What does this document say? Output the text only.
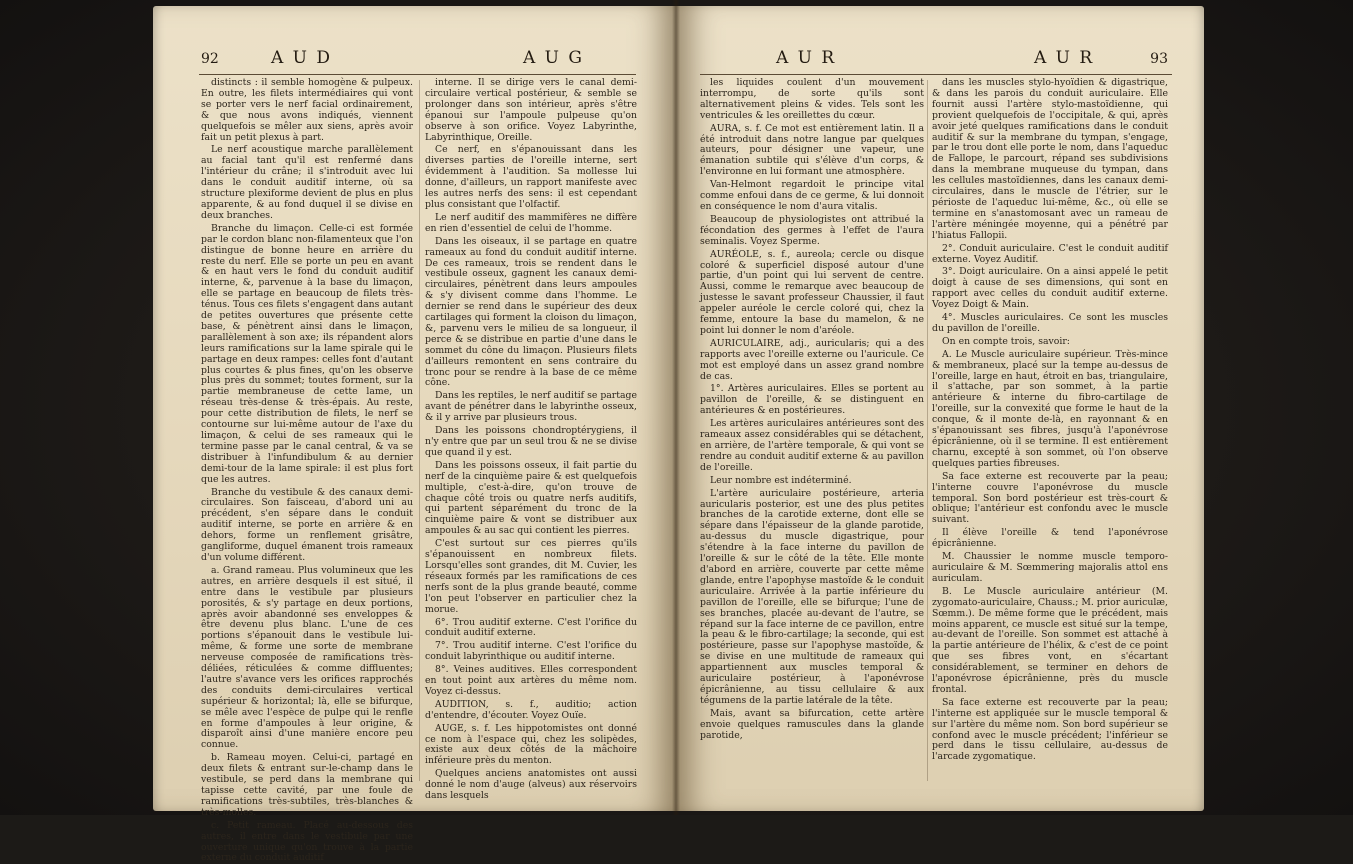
92	A U D	A U G

distincts : il semble homogène & pulpeux. En outre, les filets intermédiaires qui vont se porter vers le nerf facial ordinairement, & que nous avons indiqués, viennent quelquefois se mêler aux siens, après avoir fait un petit plexus à part.

Le nerf acoustique marche parallèlement au facial tant qu'il est renfermé dans l'intérieur du crâne; il s'introduit avec lui dans le conduit auditif interne, où sa structure plexiforme devient de plus en plus apparente, & au fond duquel il se divise en deux branches.

Branche du limaçon. Celle-ci est formée par le cordon blanc non-filamenteux que l'on distingue de bonne heure en arrière du reste du nerf. Elle se porte un peu en avant & en haut vers le fond du conduit auditif interne, &, parvenue à la base du limaçon, elle se partage en beaucoup de filets très-ténus. Tous ces filets s'engagent dans autant de petites ouvertures que présente cette base, & pénètrent ainsi dans le limaçon, parallèlement à son axe; ils répandent alors leurs ramifications sur la lame spirale qui le partage en deux rampes: celles font d'autant plus courtes & plus fines, qu'on les observe plus près du sommet; toutes forment, sur la partie membraneuse de cette lame, un réseau très-dense & très-épais. Au reste, pour cette distribution de filets, le nerf se contourne sur lui-même autour de l'axe du limaçon, & celui de ses rameaux qui le termine passe par le canal central, & va se distribuer à l'infundibulum & au dernier demi-tour de la lame spirale: il est plus fort que les autres.

Branche du vestibule & des canaux demi-circulaires. Son faisceau, d'abord uni au précédent, s'en sépare dans le conduit auditif interne, se porte en arrière & en dehors, forme un renflement grisâtre, gangliforme, duquel émanent trois rameaux d'un volume différent.

a. Grand rameau. Plus volumineux que les autres, en arrière desquels il est situé, il entre dans le vestibule par plusieurs porosités, & s'y partage en deux portions, après avoir abandonné ses enveloppes & être devenu plus blanc. L'une de ces portions s'épanouit dans le vestibule lui-même, & forme une sorte de membrane nerveuse composée de ramifications très-déliées, réticulées & comme diffluentes; l'autre s'avance vers les orifices rapprochés des conduits demi-circulaires vertical supérieur & horizontal; là, elle se bifurque, se mêle avec l'espèce de pulpe qui le renfle en forme d'ampoules à leur origine, & disparoît ainsi d'une manière encore peu connue.

b. Rameau moyen. Celui-ci, partagé en deux filets & entrant sur-le-champ dans le vestibule, se perd dans la membrane qui tapisse cette cavité, par une foule de ramifications très-subtiles, très-blanches & très-molles.

c. Petit rameau. Placé au-dessous des autres, il entre dans le vestibule par une ouverture unique qu'on trouve à la partie externe du conduit auditif

interne. Il se dirige vers le canal demi-circulaire vertical postérieur, & semble se prolonger dans son intérieur, après s'être épanoui sur l'ampoule pulpeuse qu'on observe à son orifice. Voyez Labyrinthe, Labyrinthique, Oreille.

Ce nerf, en s'épanouissant dans les diverses parties de l'oreille interne, sert évidemment à l'audition. Sa mollesse lui donne, d'ailleurs, un rapport manifeste avec les autres nerfs des sens: il est cependant plus consistant que l'olfactif.

Le nerf auditif des mammifères ne diffère en rien d'essentiel de celui de l'homme.

Dans les oiseaux, il se partage en quatre rameaux au fond du conduit auditif interne. De ces rameaux, trois se rendent dans le vestibule osseux, gagnent les canaux demi-circulaires, pénètrent dans leurs ampoules & s'y divisent comme dans l'homme. Le dernier se rend dans le supérieur des deux cartilages qui forment la cloison du limaçon, &, parvenu vers le milieu de sa longueur, il perce & se distribue en partie d'une dans le sommet du cône du limaçon. Plusieurs filets d'ailleurs remontent en sens contraire du tronc pour se rendre à la base de ce même cône.

Dans les reptiles, le nerf auditif se partage avant de pénétrer dans le labyrinthe osseux, & il y arrive par plusieurs trous.

Dans les poissons chondroptérygiens, il n'y entre que par un seul trou & ne se divise que quand il y est.

Dans les poissons osseux, il fait partie du nerf de la cinquième paire & est quelquefois multiple, c'est-à-dire, qu'on trouve de chaque côté trois ou quatre nerfs auditifs, qui partent séparément du tronc de la cinquième paire & vont se distribuer aux ampoules & au sac qui contient les pierres.

C'est surtout sur ces pierres qu'ils s'épanouissent en nombreux filets. Lorsqu'elles sont grandes, dit M. Cuvier, les réseaux formés par les ramifications de ces nerfs sont de la plus grande beauté, comme l'on peut l'observer en particulier chez la morue.

6°. Trou auditif externe. C'est l'orifice du conduit auditif externe.

7°. Trou auditif interne. C'est l'orifice du conduit labyrinthique ou auditif interne.

8°. Veines auditives. Elles correspondent en tout point aux artères du même nom. Voyez ci-dessus.

AUDITION, s. f., auditio; action d'entendre, d'écouter. Voyez Ouïe.

AUGE, s. f. Les hippotomistes ont donné ce nom à l'espace qui, chez les solipèdes, existe aux deux côtés de la mâchoire inférieure près du menton.

Quelques anciens anatomistes ont aussi donné le nom d'auge (alveus) aux réservoirs dans lesquels

A U R	A U R	93

les liquides coulent d'un mouvement interrompu, de sorte qu'ils sont alternativement pleins & vides. Tels sont les ventricules & les oreillettes du cœur.

AURA, s. f. Ce mot est entièrement latin. Il a été introduit dans notre langue par quelques auteurs, pour désigner une vapeur, une émanation subtile qui s'élève d'un corps, & l'environne en lui formant une atmosphère.

Van-Helmont regardoit le principe vital comme enfoui dans de ce germe, & lui donnoit en conséquence le nom d'aura vitalis.

Beaucoup de physiologistes ont attribué la fécondation des germes à l'effet de l'aura seminalis. Voyez Sperme.

AURÉOLE, s. f., aureola; cercle ou disque coloré & superficiel disposé autour d'une partie, d'un point qui lui servent de centre. Aussi, comme le remarque avec beaucoup de justesse le savant professeur Chaussier, il faut appeler auréole le cercle coloré qui, chez la femme, entoure la base du mamelon, & ne point lui donner le nom d'aréole.

AURICULAIRE, adj., auricularis; qui a des rapports avec l'oreille externe ou l'auricule. Ce mot est employé dans un assez grand nombre de cas.

1°. Artères auriculaires. Elles se portent au pavillon de l'oreille, & se distinguent en antérieures & en postérieures.

Les artères auriculaires antérieures sont des rameaux assez considérables qui se détachent, en arrière, de l'artère temporale, & qui vont se rendre au conduit auditif externe & au pavillon de l'oreille.

Leur nombre est indéterminé.

L'artère auriculaire postérieure, arteria auricularis posterior, est une des plus petites branches de la carotide externe, dont elle se sépare dans l'épaisseur de la glande parotide, au-dessus du muscle digastrique, pour s'étendre à la face interne du pavillon de l'oreille & sur le côté de la tête. Elle monte d'abord en arrière, couverte par cette même glande, entre l'apophyse mastoïde & le conduit auriculaire. Arrivée à la partie inférieure du pavillon de l'oreille, elle se bifurque; l'une de ses branches, placée au-devant de l'autre, se répand sur la face interne de ce pavillon, entre la peau & le fibro-cartilage; la seconde, qui est postérieure, passe sur l'apophyse mastoïde, & se divise en une multitude de rameaux qui appartiennent aux muscles temporal & auriculaire postérieur, à l'aponévrose épicrânienne, au tissu cellulaire & aux tégumens de la partie latérale de la tête.

Mais, avant sa bifurcation, cette artère envoie quelques ramuscules dans la glande parotide,

dans les muscles stylo-hyoïdien & digastrique, & dans les parois du conduit auriculaire. Elle fournit aussi l'artère stylo-mastoïdienne, qui provient quelquefois de l'occipitale, & qui, après avoir jeté quelques ramifications dans le conduit auditif & sur la membrane du tympan, s'engage, par le trou dont elle porte le nom, dans l'aqueduc de Fallope, le parcourt, répand ses subdivisions dans la membrane muqueuse du tympan, dans les cellules mastoïdiennes, dans les canaux demi-circulaires, dans le muscle de l'étrier, sur le périoste de l'aqueduc lui-même, &c., où elle se termine en s'anastomosant avec un rameau de l'artère méningée moyenne, qui a pénétré par l'hiatus Fallopii.

2°. Conduit auriculaire. C'est le conduit auditif externe. Voyez Auditif.

3°. Doigt auriculaire. On a ainsi appelé le petit doigt à cause de ses dimensions, qui sont en rapport avec celles du conduit auditif externe. Voyez Doigt & Main.

4°. Muscles auriculaires. Ce sont les muscles du pavillon de l'oreille.

On en compte trois, savoir:

A. Le Muscle auriculaire supérieur. Très-mince & membraneux, placé sur la tempe au-dessus de l'oreille, large en haut, étroit en bas, triangulaire, il s'attache, par son sommet, à la partie antérieure & interne du fibro-cartilage de l'oreille, sur la convexité que forme le haut de la conque, & il monte de-là, en rayonnant & en s'épanouissant ses fibres, jusqu'à l'aponévrose épicrânienne, où il se termine. Il est entièrement charnu, excepté à son sommet, où l'on observe quelques parties fibreuses.

Sa face externe est recouverte par la peau; l'interne couvre l'aponévrose du muscle temporal. Son bord postérieur est très-court & oblique; l'antérieur est confondu avec le muscle suivant.

Il élève l'oreille & tend l'aponévrose épicrânienne.

M. Chaussier le nomme muscle temporo-auriculaire & M. Sœmmering majoralis attol ens auriculam.

B. Le Muscle auriculaire antérieur (M. zygomato-auriculaire, Chauss.; M. prior auriculæ, Sœmm.). De même forme que le précédent, mais moins apparent, ce muscle est situé sur la tempe, au-devant de l'oreille. Son sommet est attaché à la partie antérieure de l'hélix, & c'est de ce point que ses fibres vont, en s'écartant considérablement, se terminer en dehors de l'aponévrose épicrânienne, près du muscle frontal.

Sa face externe est recouverte par la peau; l'interne est appliquée sur le muscle temporal & sur l'artère du même nom. Son bord supérieur se confond avec le muscle précédent; l'inférieur se perd dans le tissu cellulaire, au-dessus de l'arcade zygomatique.
